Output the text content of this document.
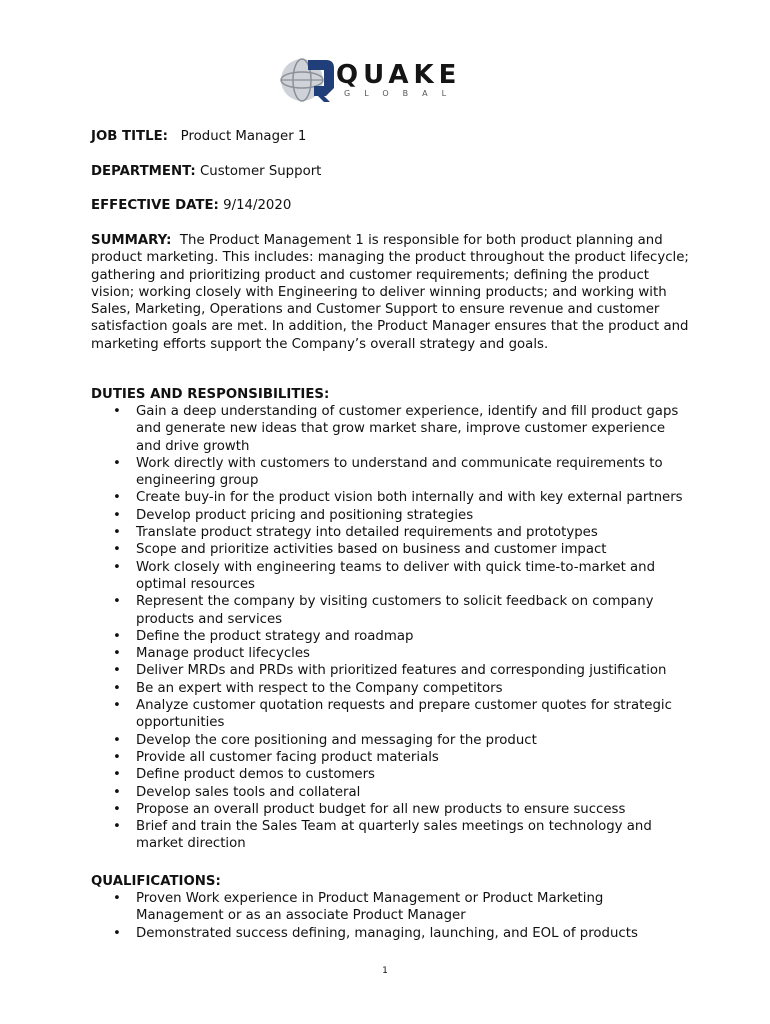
QUAKE
GLOBAL
JOB TITLE: Product Manager 1
DEPARTMENT: Customer Support
EFFECTIVE DATE: 9/14/2020
SUMMARY: The Product Management 1 is responsible for both product planning and product marketing. This includes: managing the product throughout the product lifecycle; gathering and prioritizing product and customer requirements; defining the product vision; working closely with Engineering to deliver winning products; and working with Sales, Marketing, Operations and Customer Support to ensure revenue and customer satisfaction goals are met. In addition, the Product Manager ensures that the product and marketing efforts support the Company’s overall strategy and goals.
DUTIES AND RESPONSIBILITIES:
• Gain a deep understanding of customer experience, identify and fill product gaps and generate new ideas that grow market share, improve customer experience and drive growth
• Work directly with customers to understand and communicate requirements to engineering group
• Create buy-in for the product vision both internally and with key external partners
• Develop product pricing and positioning strategies
• Translate product strategy into detailed requirements and prototypes
• Scope and prioritize activities based on business and customer impact
• Work closely with engineering teams to deliver with quick time-to-market and optimal resources
• Represent the company by visiting customers to solicit feedback on company products and services
• Define the product strategy and roadmap
• Manage product lifecycles
• Deliver MRDs and PRDs with prioritized features and corresponding justification
• Be an expert with respect to the Company competitors
• Analyze customer quotation requests and prepare customer quotes for strategic opportunities
• Develop the core positioning and messaging for the product
• Provide all customer facing product materials
• Define product demos to customers
• Develop sales tools and collateral
• Propose an overall product budget for all new products to ensure success
• Brief and train the Sales Team at quarterly sales meetings on technology and market direction
QUALIFICATIONS:
• Proven Work experience in Product Management or Product Marketing Management or as an associate Product Manager
• Demonstrated success defining, managing, launching, and EOL of products
1
